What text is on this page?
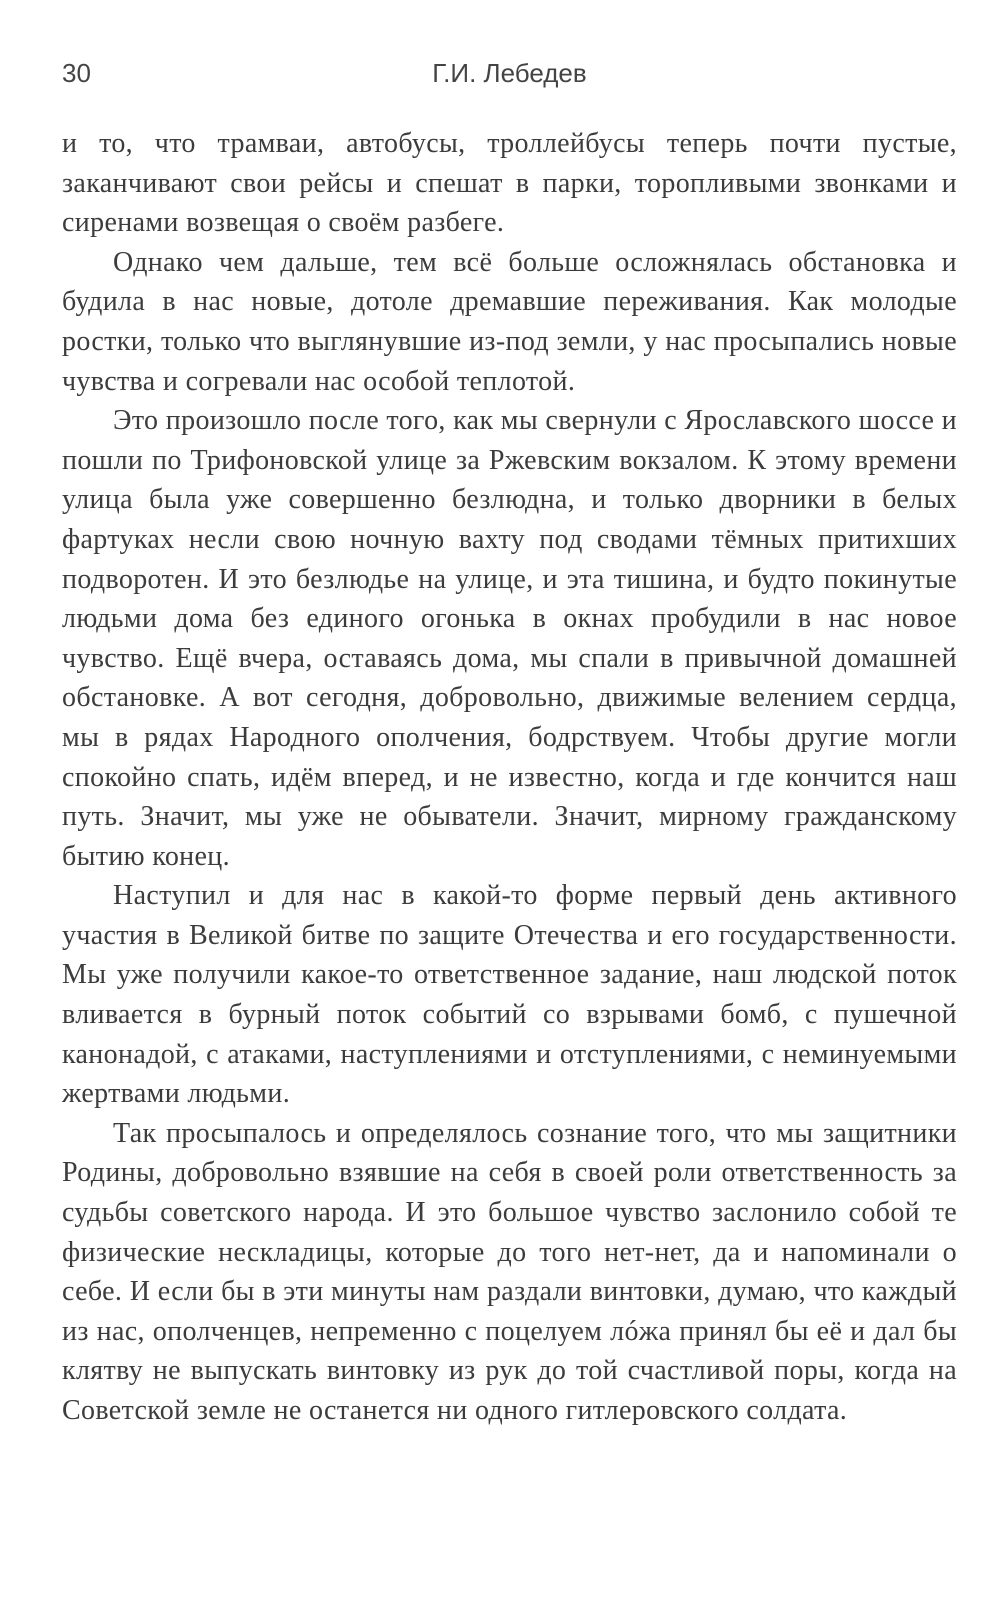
30	Г.И. Лебедев

и то, что трамваи, автобусы, троллейбусы теперь почти пустые, заканчивают свои рейсы и спешат в парки, торопливыми звонками и сиренами возвещая о своём разбеге.

Однако чем дальше, тем всё больше осложнялась обстановка и будила в нас новые, дотоле дремавшие переживания. Как молодые ростки, только что выглянувшие из-под земли, у нас просыпались новые чувства и согревали нас особой теплотой.

Это произошло после того, как мы свернули с Ярославского шоссе и пошли по Трифоновской улице за Ржевским вокзалом. К этому времени улица была уже совершенно безлюдна, и только дворники в белых фартуках несли свою ночную вахту под сводами тёмных притихших подворотен. И это безлюдье на улице, и эта тишина, и будто покинутые людьми дома без единого огонька в окнах пробудили в нас новое чувство. Ещё вчера, оставаясь дома, мы спали в привычной домашней обстановке. А вот сегодня, добровольно, движимые велением сердца, мы в рядах Народного ополчения, бодрствуем. Чтобы другие могли спокойно спать, идём вперед, и не известно, когда и где кончится наш путь. Значит, мы уже не обыватели. Значит, мирному гражданскому бытию конец.

Наступил и для нас в какой-то форме первый день активного участия в Великой битве по защите Отечества и его государственности. Мы уже получили какое-то ответственное задание, наш людской поток вливается в бурный поток событий со взрывами бомб, с пушечной канонадой, с атаками, наступлениями и отступлениями, с неминуемыми жертвами людьми.

Так просыпалось и определялось сознание того, что мы защитники Родины, добровольно взявшие на себя в своей роли ответственность за судьбы советского народа. И это большое чувство заслонило собой те физические нескладицы, которые до того нет-нет, да и напоминали о себе. И если бы в эти минуты нам раздали винтовки, думаю, что каждый из нас, ополченцев, непременно с поцелуем лóжа принял бы её и дал бы клятву не выпускать винтовку из рук до той счастливой поры, когда на Советской земле не останется ни одного гитлеровского солдата.
